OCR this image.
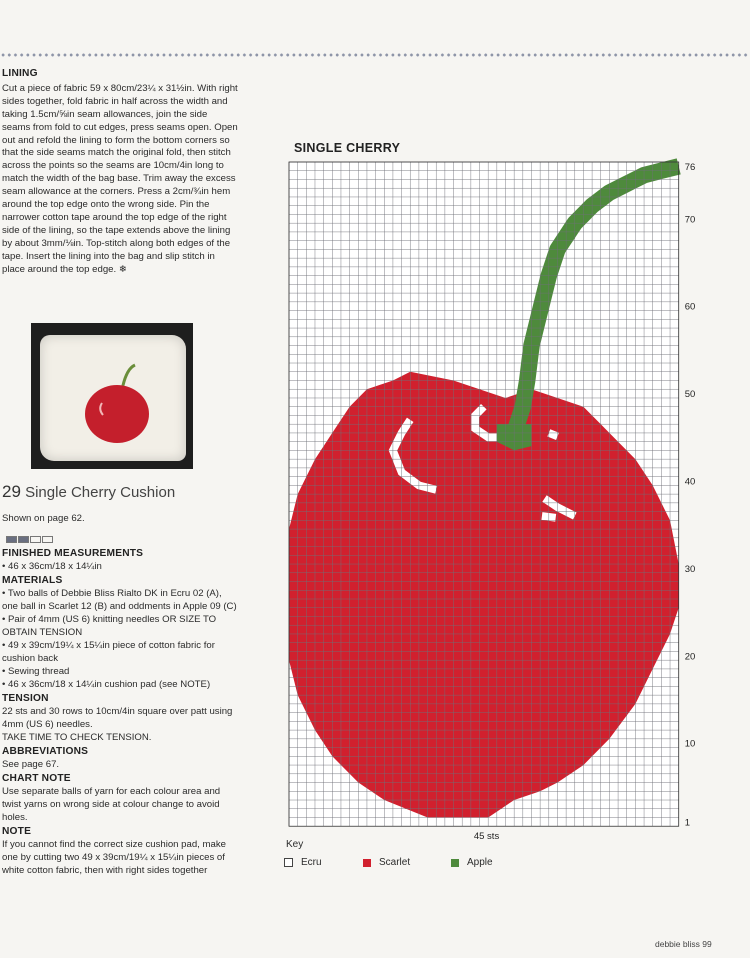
LINING
Cut a piece of fabric 59 x 80cm/23¼ x 31½in. With right sides together, fold fabric in half across the width and taking 1.5cm/⅝in seam allowances, join the side seams from fold to cut edges, press seams open. Open out and refold the lining to form the bottom corners so that the side seams match the original fold, then stitch across the points so the seams are 10cm/4in long to match the width of the bag base. Trim away the excess seam allowance at the corners. Press a 2cm/¾in hem around the top edge onto the wrong side. Pin the narrower cotton tape around the top edge of the right side of the lining, so the tape extends above the lining by about 3mm/⅛in. Top-stitch along both edges of the tape. Insert the lining into the bag and slip stitch in place around the top edge. ❄
29 Single Cherry Cushion
Shown on page 62.
FINISHED MEASUREMENTS
• 46 x 36cm/18 x 14¼in
MATERIALS
• Two balls of Debbie Bliss Rialto DK in Ecru 02 (A), one ball in Scarlet 12 (B) and oddments in Apple 09 (C)
• Pair of 4mm (US 6) knitting needles OR SIZE TO OBTAIN TENSION
• 49 x 39cm/19¼ x 15¼in piece of cotton fabric for cushion back
• Sewing thread
• 46 x 36cm/18 x 14¼in cushion pad (see NOTE)
TENSION
22 sts and 30 rows to 10cm/4in square over patt using 4mm (US 6) needles.
TAKE TIME TO CHECK TENSION.
ABBREVIATIONS
See page 67.
CHART NOTE
Use separate balls of yarn for each colour area and twist yarns on wrong side at colour change to avoid holes.
NOTE
If you cannot find the correct size cushion pad, make one by cutting two 49 x 39cm/19¼ x 15¼in pieces of white cotton fabric, then with right sides together
SINGLE CHERRY
1
10
20
30
40
50
60
70
76
45 sts
Key
Ecru	Scarlet	Apple
debbie bliss 99
